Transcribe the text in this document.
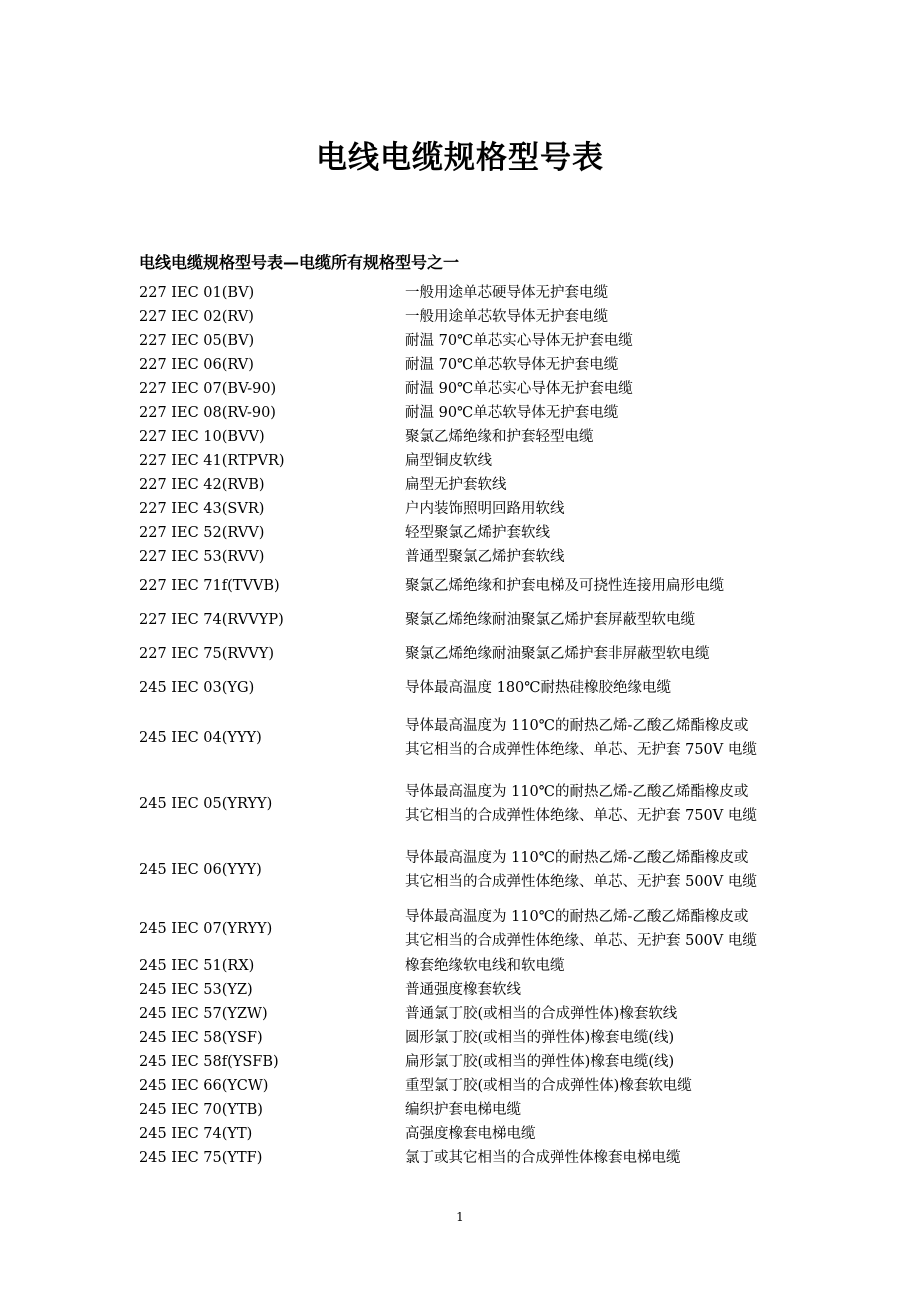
电线电缆规格型号表
电线电缆规格型号表—电缆所有规格型号之一
227 IEC 01(BV)	一般用途单芯硬导体无护套电缆

227 IEC 02(RV)	一般用途单芯软导体无护套电缆

227 IEC 05(BV)	耐温 70℃单芯实心导体无护套电缆

227 IEC 06(RV)	耐温 70℃单芯软导体无护套电缆

227 IEC 07(BV-90)	耐温 90℃单芯实心导体无护套电缆

227 IEC 08(RV-90)	耐温 90℃单芯软导体无护套电缆

227 IEC 10(BVV)	聚氯乙烯绝缘和护套轻型电缆

227 IEC 41(RTPVR)	扁型铜皮软线

227 IEC 42(RVB)	扁型无护套软线

227 IEC 43(SVR)	户内装饰照明回路用软线

227 IEC 52(RVV)	轻型聚氯乙烯护套软线

227 IEC 53(RVV)	普通型聚氯乙烯护套软线

227 IEC 71f(TVVB)	聚氯乙烯绝缘和护套电梯及可挠性连接用扁形电缆

227 IEC 74(RVVYP)	聚氯乙烯绝缘耐油聚氯乙烯护套屏蔽型软电缆

227 IEC 75(RVVY)	聚氯乙烯绝缘耐油聚氯乙烯护套非屏蔽型软电缆

245 IEC 03(YG)	导体最高温度 180℃耐热硅橡胶绝缘电缆

245 IEC 04(YYY)	导体最高温度为 110℃的耐热乙烯-乙酸乙烯酯橡皮或
其它相当的合成弹性体绝缘、单芯、无护套 750V 电缆

245 IEC 05(YRYY)	导体最高温度为 110℃的耐热乙烯-乙酸乙烯酯橡皮或
其它相当的合成弹性体绝缘、单芯、无护套 750V 电缆

245 IEC 06(YYY)	导体最高温度为 110℃的耐热乙烯-乙酸乙烯酯橡皮或
其它相当的合成弹性体绝缘、单芯、无护套 500V 电缆

245 IEC 07(YRYY)	导体最高温度为 110℃的耐热乙烯-乙酸乙烯酯橡皮或
其它相当的合成弹性体绝缘、单芯、无护套 500V 电缆

245 IEC 51(RX)	橡套绝缘软电线和软电缆

245 IEC 53(YZ)	普通强度橡套软线

245 IEC 57(YZW)	普通氯丁胶(或相当的合成弹性体)橡套软线

245 IEC 58(YSF)	圆形氯丁胶(或相当的弹性体)橡套电缆(线)

245 IEC 58f(YSFB)	扁形氯丁胶(或相当的弹性体)橡套电缆(线)

245 IEC 66(YCW)	重型氯丁胶(或相当的合成弹性体)橡套软电缆

245 IEC 70(YTB)	编织护套电梯电缆

245 IEC 74(YT)	高强度橡套电梯电缆

245 IEC 75(YTF)	氯丁或其它相当的合成弹性体橡套电梯电缆
1
